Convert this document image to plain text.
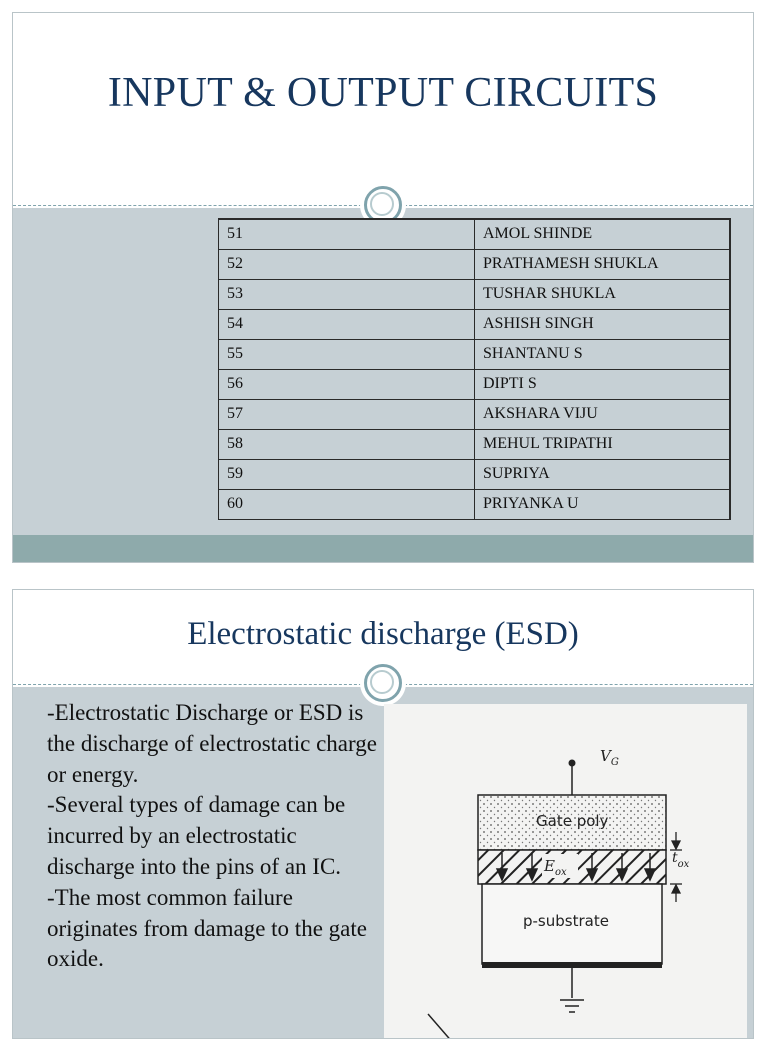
INPUT & OUTPUT CIRCUITS
51	AMOL SHINDE
52	PRATHAMESH SHUKLA
53	TUSHAR SHUKLA
54	ASHISH SINGH
55	SHANTANU S
56	DIPTI S
57	AKSHARA VIJU
58	MEHUL TRIPATHI
59	SUPRIYA
60	PRIYANKA U
Electrostatic discharge (ESD)

-Electrostatic Discharge or ESD is the discharge of electrostatic charge or energy.

-Several types of damage can be incurred by an electrostatic discharge into the pins of an IC.

-The most common failure originates from damage to the gate oxide.

$V_G$
Gate poly
$E_{ox}$
$t_{ox}$
p-substrate
